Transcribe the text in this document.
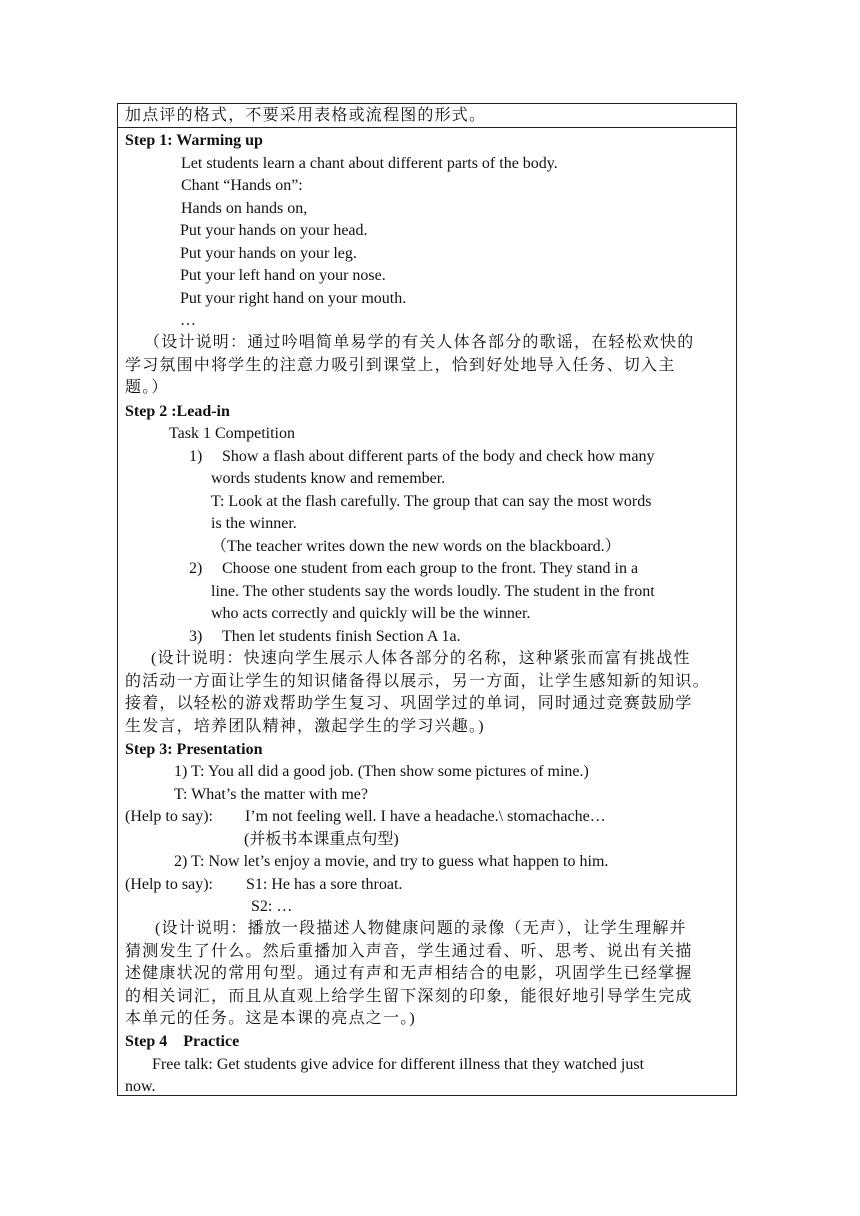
加点评的格式，不要采用表格或流程图的形式。
Step 1: Warming up
Let students learn a chant about different parts of the body.
Chant “Hands on”:
Hands on hands on,
Put your hands on your head.
Put your hands on your leg.
Put your left hand on your nose.
Put your right hand on your mouth.
…
（设计说明：通过吟唱简单易学的有关人体各部分的歌谣，在轻松欢快的
学习氛围中将学生的注意力吸引到课堂上，恰到好处地导入任务、切入主
题。）
Step 2 :Lead-in
Task 1 Competition
1) Show a flash about different parts of the body and check how many
words students know and remember.
T: Look at the flash carefully. The group that can say the most words
is the winner.
（The teacher writes down the new words on the blackboard.）
2) Choose one student from each group to the front. They stand in a
line. The other students say the words loudly. The student in the front
who acts correctly and quickly will be the winner.
3) Then let students finish Section A 1a.
(设计说明：快速向学生展示人体各部分的名称，这种紧张而富有挑战性
的活动一方面让学生的知识储备得以展示，另一方面，让学生感知新的知识。
接着，以轻松的游戏帮助学生复习、巩固学过的单词，同时通过竞赛鼓励学
生发言，培养团队精神，激起学生的学习兴趣。)
Step 3: Presentation
1) T: You all did a good job. (Then show some pictures of mine.)
T: What’s the matter with me?
(Help to say): I’m not feeling well. I have a headache.\ stomachache…
(并板书本课重点句型)
2) T: Now let’s enjoy a movie, and try to guess what happen to him.
(Help to say): S1: He has a sore throat.
S2: …
(设计说明：播放一段描述人物健康问题的录像（无声），让学生理解并
猜测发生了什么。然后重播加入声音，学生通过看、听、思考、说出有关描
述健康状况的常用句型。通过有声和无声相结合的电影，巩固学生已经掌握
的相关词汇，而且从直观上给学生留下深刻的印象，能很好地引导学生完成
本单元的任务。这是本课的亮点之一。)
Step 4    Practice
Free talk: Get students give advice for different illness that they watched just
now.
